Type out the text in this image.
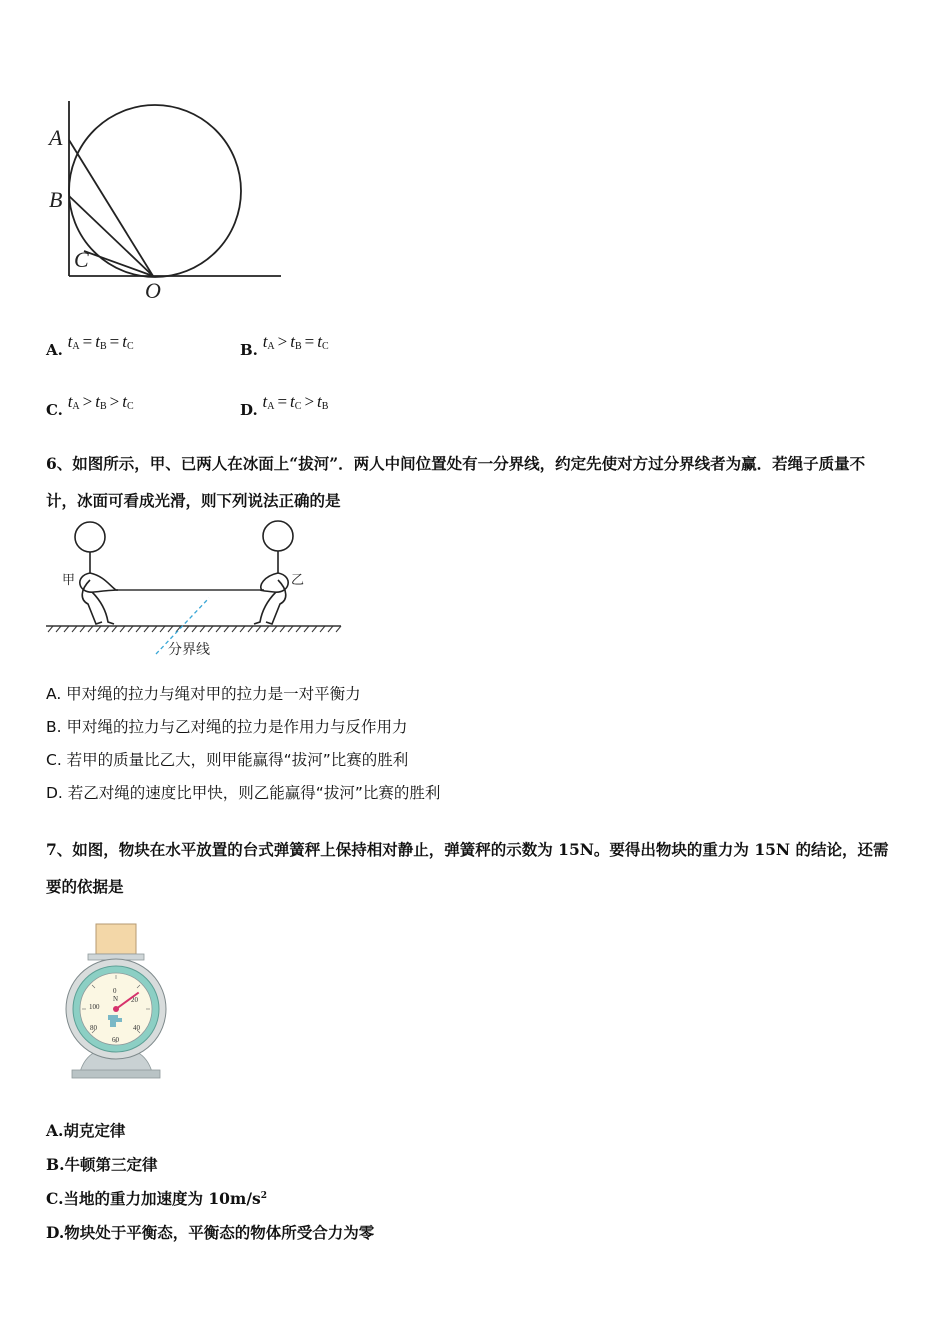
A
B
C
O
A. $t_A = t_B = t_C$	B. $t_A > t_B = t_C$
C. $t_A > t_B > t_C$	D. $t_A = t_C > t_B$
6、如图所示，甲、已两人在冰面上“拔河”．两人中间位置处有一分界线，约定先使对方过分界线者为赢．若绳子质量不
计，冰面可看成光滑，则下列说法正确的是
甲	乙
分界线
A. 甲对绳的拉力与绳对甲的拉力是一对平衡力
B. 甲对绳的拉力与乙对绳的拉力是作用力与反作用力
C. 若甲的质量比乙大，则甲能赢得“拔河”比赛的胜利
D. 若乙对绳的速度比甲快，则乙能赢得“拔河”比赛的胜利
7、如图，物块在水平放置的台式弹簧秤上保持相对静止，弹簧秤的示数为 15N。要得出物块的重力为 15N 的结论，还需
要的依据是
0
N 20
40
60
80
100
A.胡克定律
B.牛顿第三定律
C.当地的重力加速度为 $10m/s^2$
D.物块处于平衡态，平衡态的物体所受合力为零
